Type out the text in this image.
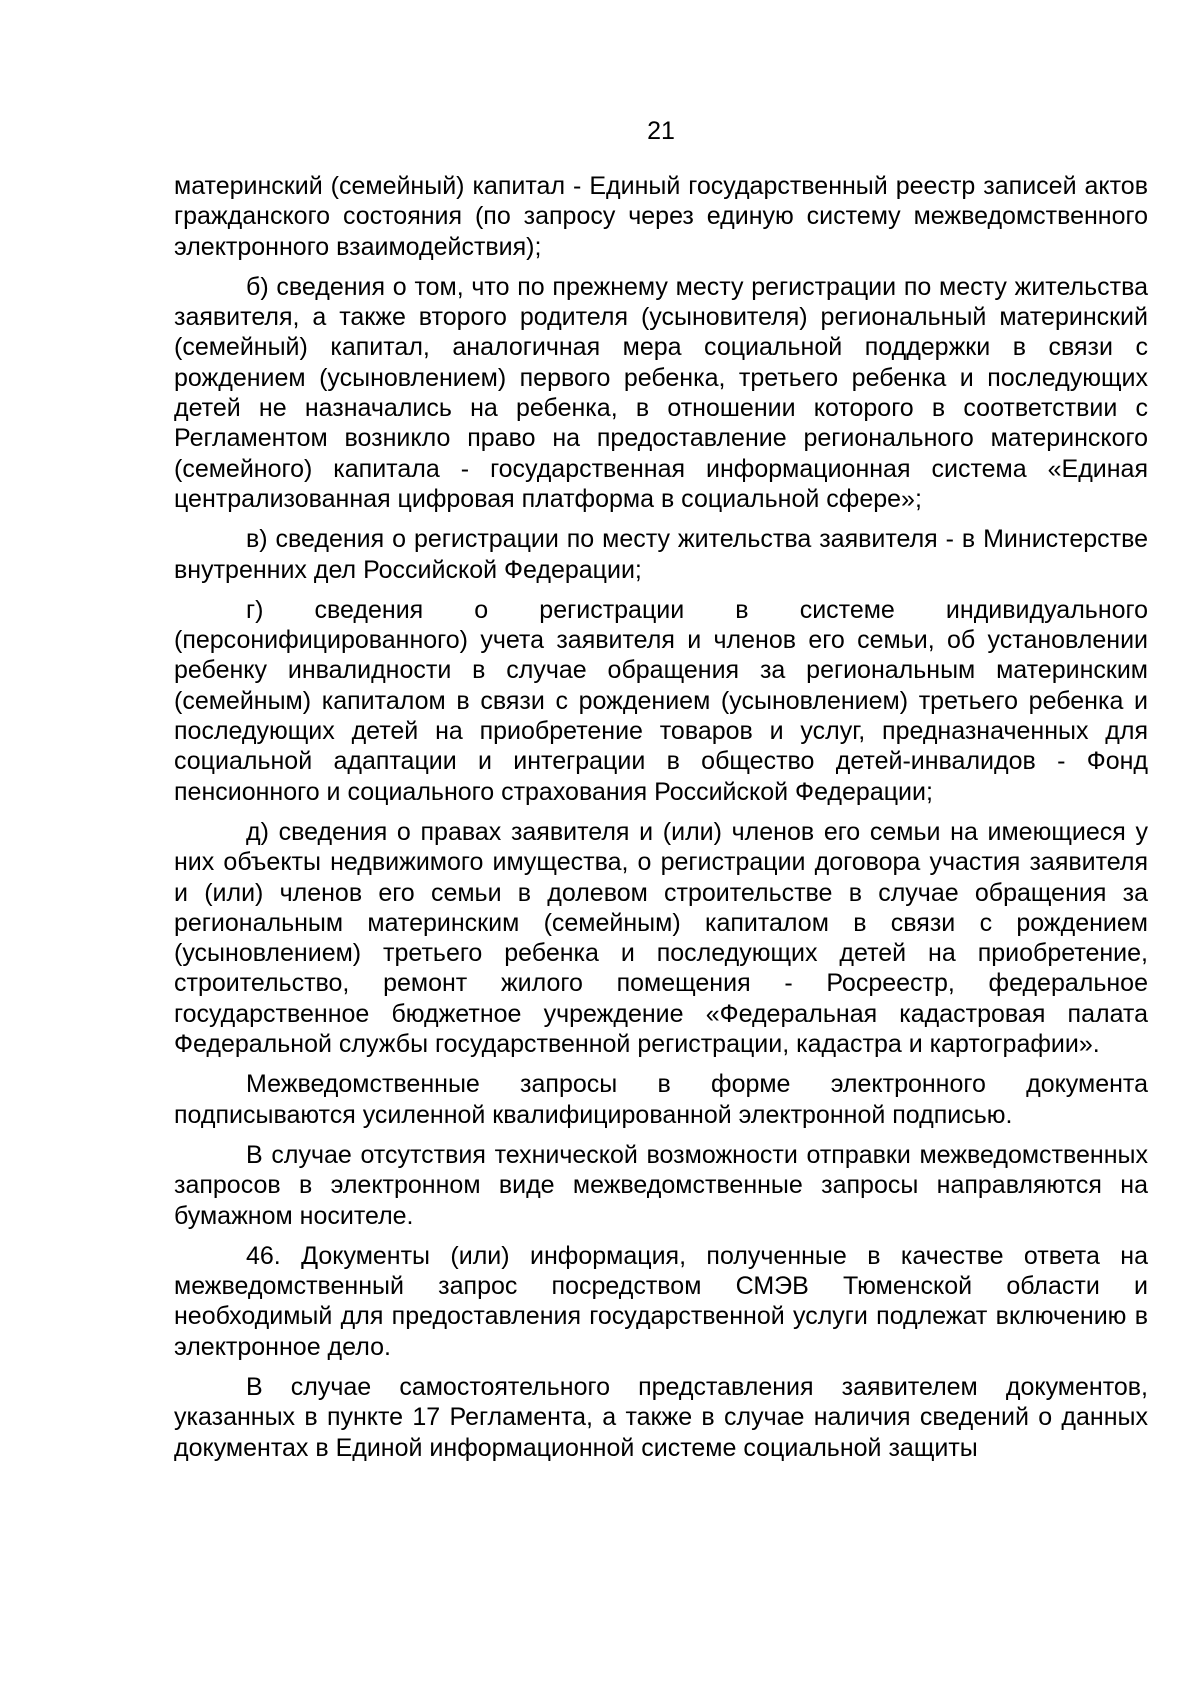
21

материнский (семейный) капитал - Единый государственный реестр записей актов гражданского состояния (по запросу через единую систему межведомственного электронного взаимодействия);

б) сведения о том, что по прежнему месту регистрации по месту жительства заявителя, а также второго родителя (усыновителя) региональный материнский (семейный) капитал, аналогичная мера социальной поддержки в связи с рождением (усыновлением) первого ребенка, третьего ребенка и последующих детей не назначались на ребенка, в отношении которого в соответствии с Регламентом возникло право на предоставление регионального материнского (семейного) капитала - государственная информационная система «Единая централизованная цифровая платформа в социальной сфере»;

в) сведения о регистрации по месту жительства заявителя - в Министерстве внутренних дел Российской Федерации;

г) сведения о регистрации в системе индивидуального (персонифицированного) учета заявителя и членов его семьи, об установлении ребенку инвалидности в случае обращения за региональным материнским (семейным) капиталом в связи с рождением (усыновлением) третьего ребенка и последующих детей на приобретение товаров и услуг, предназначенных для социальной адаптации и интеграции в общество детей-инвалидов - Фонд пенсионного и социального страхования Российской Федерации;

д) сведения о правах заявителя и (или) членов его семьи на имеющиеся у них объекты недвижимого имущества, о регистрации договора участия заявителя и (или) членов его семьи в долевом строительстве в случае обращения за региональным материнским (семейным) капиталом в связи с рождением (усыновлением) третьего ребенка и последующих детей на приобретение, строительство, ремонт жилого помещения - Росреестр, федеральное государственное бюджетное учреждение «Федеральная кадастровая палата Федеральной службы государственной регистрации, кадастра и картографии».

Межведомственные запросы в форме электронного документа подписываются усиленной квалифицированной электронной подписью.

В случае отсутствия технической возможности отправки межведомственных запросов в электронном виде межведомственные запросы направляются на бумажном носителе.

46. Документы (или) информация, полученные в качестве ответа на межведомственный запрос посредством СМЭВ Тюменской области и необходимый для предоставления государственной услуги подлежат включению в электронное дело.

В случае самостоятельного представления заявителем документов, указанных в пункте 17 Регламента, а также в случае наличия сведений о данных документах в Единой информационной системе социальной защиты
